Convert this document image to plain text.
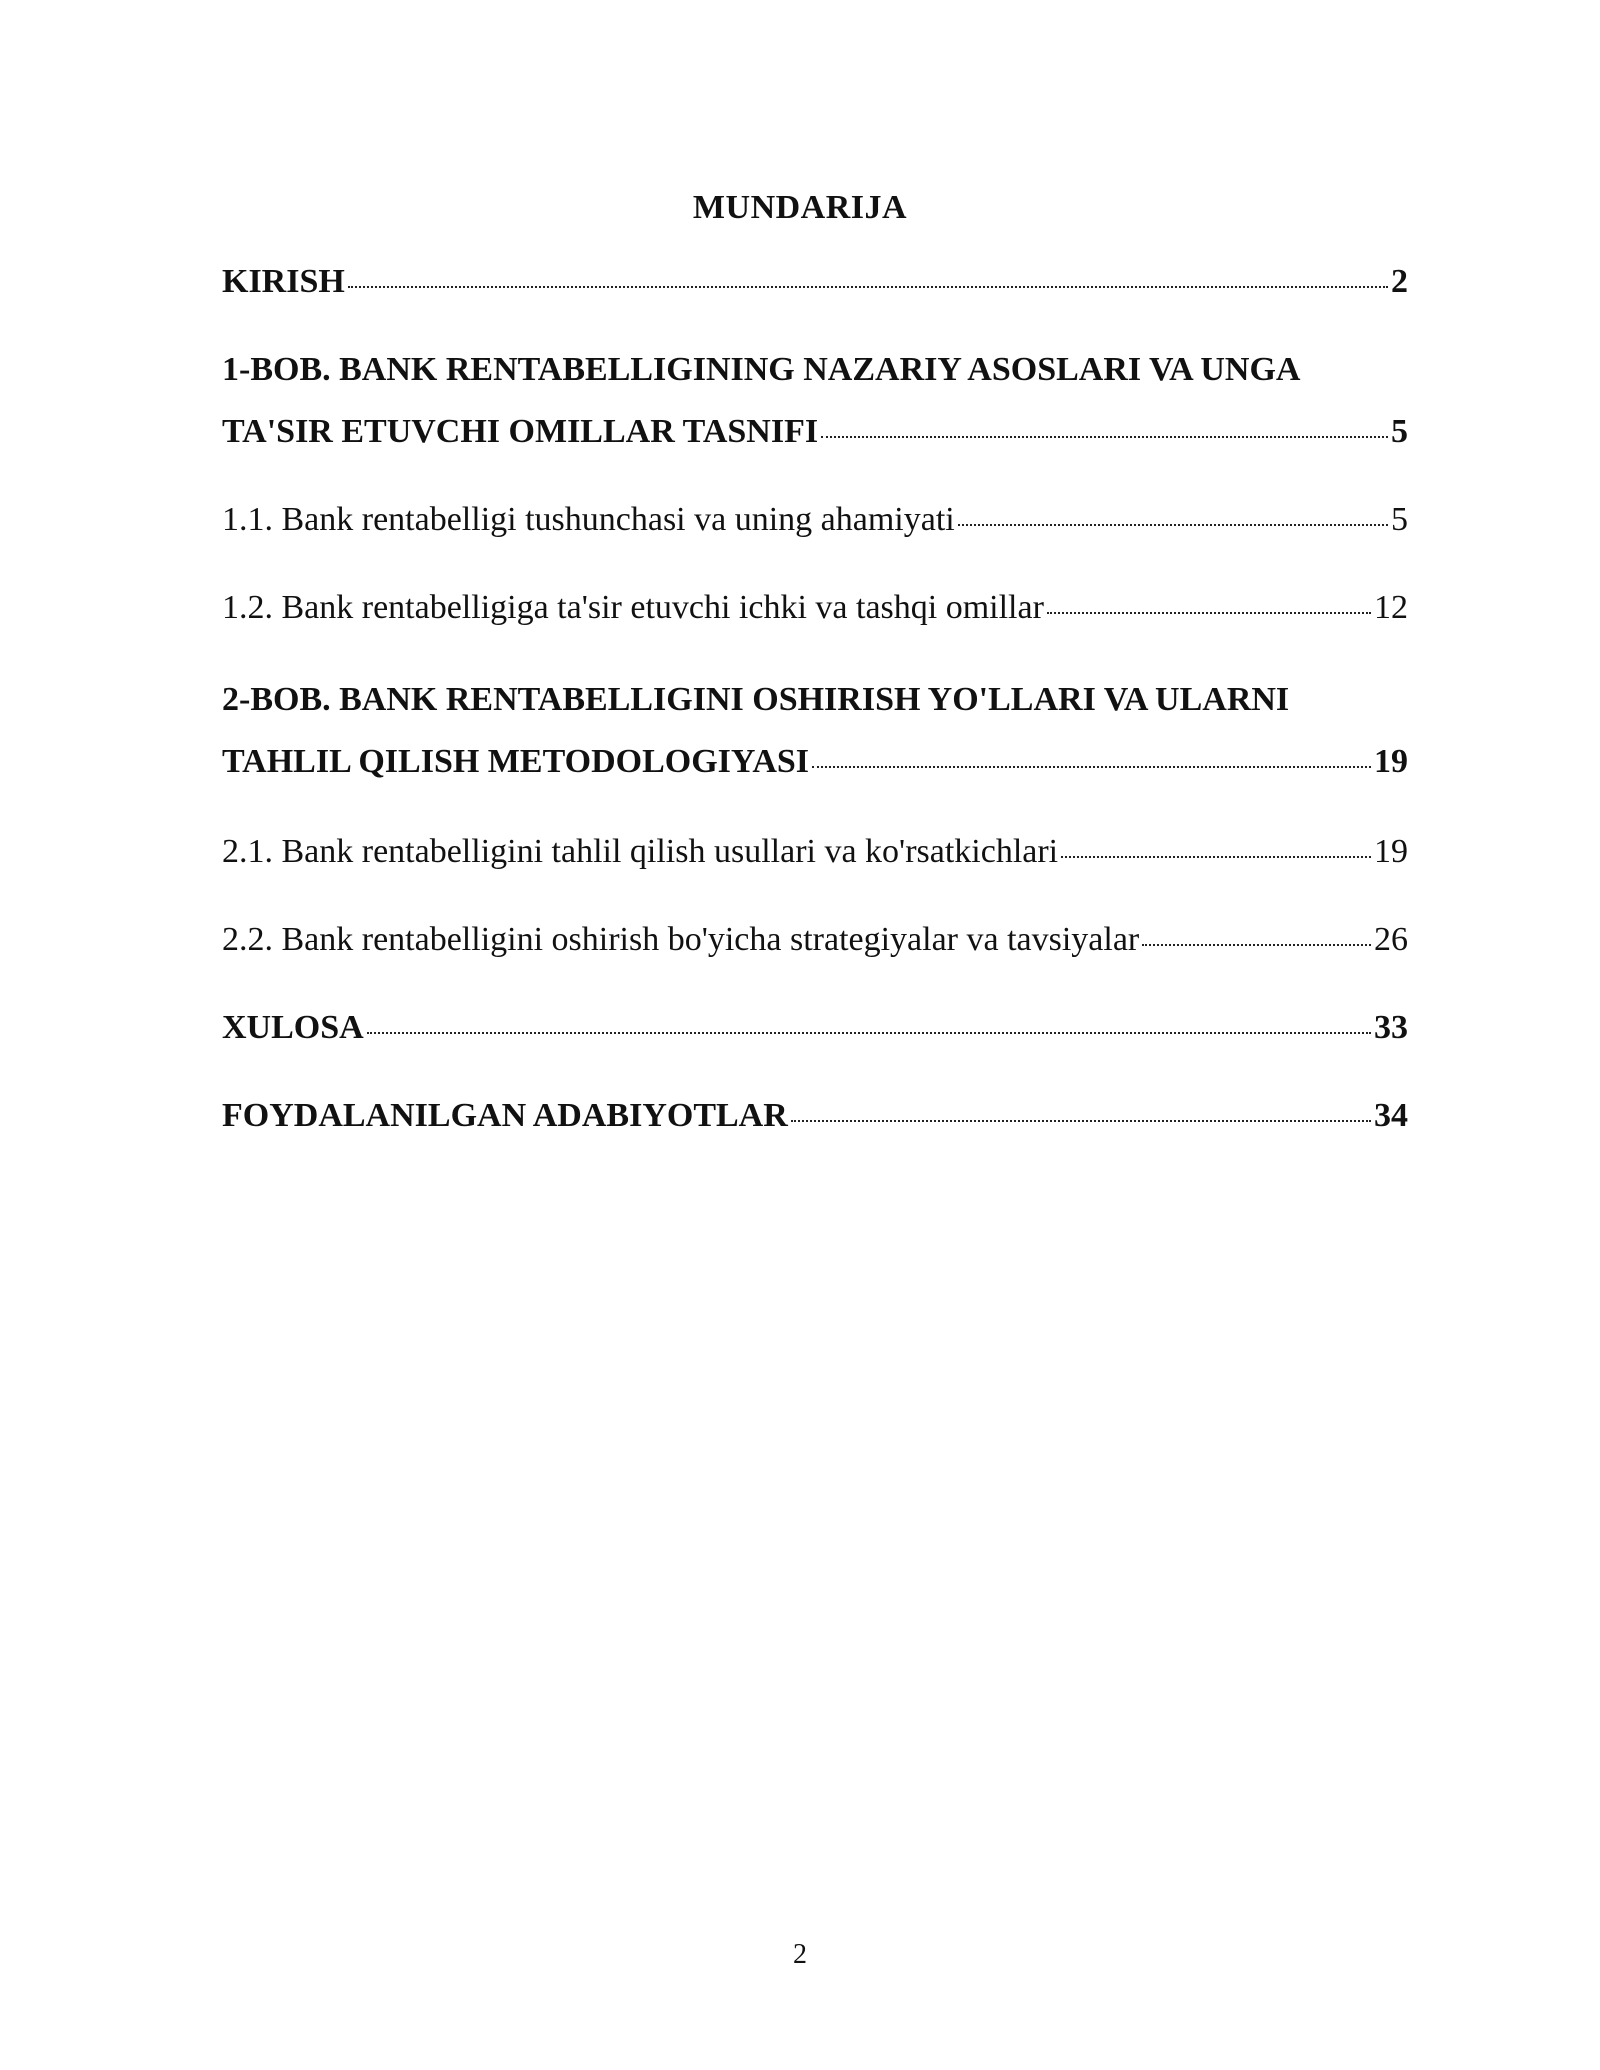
MUNDARIJA
KIRISH	2
1-BOB. BANK RENTABELLIGINING NAZARIY ASOSLARI VA UNGA
TA'SIR ETUVCHI OMILLAR TASNIFI	5
1.1. Bank rentabelligi tushunchasi va uning ahamiyati	5
1.2. Bank rentabelligiga ta'sir etuvchi ichki va tashqi omillar	12
2-BOB. BANK RENTABELLIGINI OSHIRISH YO'LLARI VA ULARNI
TAHLIL QILISH METODOLOGIYASI	19
2.1. Bank rentabelligini tahlil qilish usullari va ko'rsatkichlari	19
2.2. Bank rentabelligini oshirish bo'yicha strategiyalar va tavsiyalar	26
XULOSA	33
FOYDALANILGAN ADABIYOTLAR	34
2
